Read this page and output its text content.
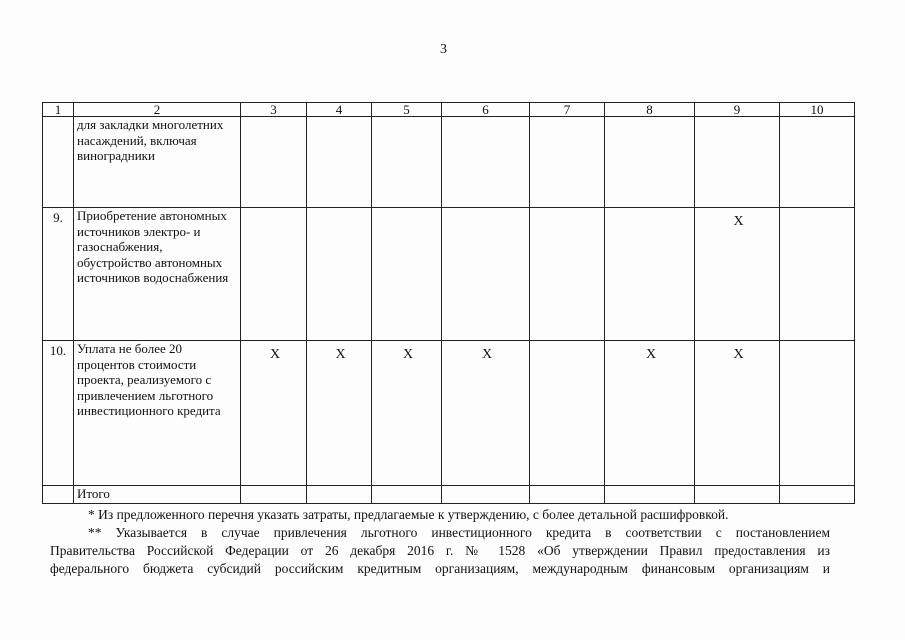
3
1	2	3	4	5	6	7	8	9	10
	для закладки многолетних насаждений, включая виноградники								
9.	Приобретение автономных источников электро- и газоснабжения, обустройство автономных источников водоснабжения							X	
10.	Уплата не более 20 процентов стоимости проекта, реализуемого с привлечением льготного инвестиционного кредита	X	X	X	X		X	X	
	Итого								
* Из предложенного перечня указать затраты, предлагаемые к утверждению, с более детальной расшифровкой.
** Указывается в случае привлечения льготного инвестиционного кредита в соответствии с постановлением
Правительства Российской Федерации от 26 декабря 2016 г. № 1528 «Об утверждении Правил предоставления из
федерального бюджета субсидий российским кредитным организациям, международным финансовым организациям и
